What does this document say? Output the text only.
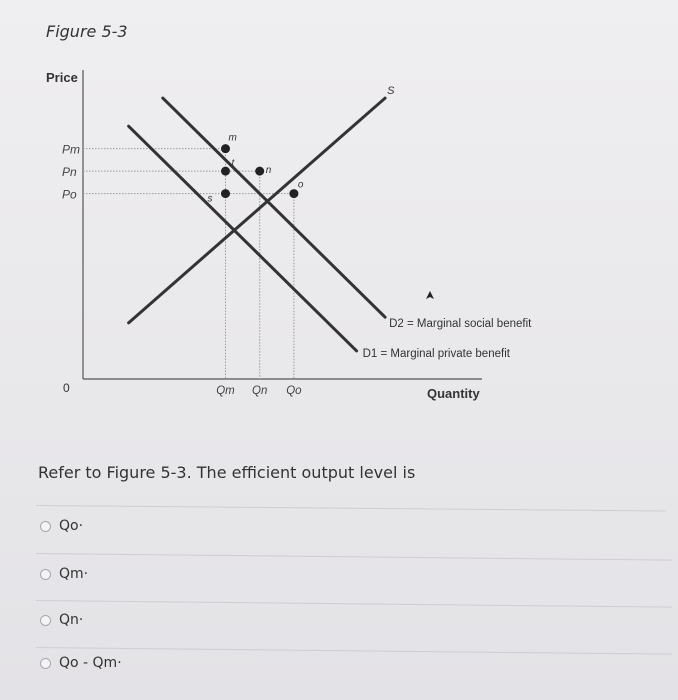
Figure 5-3
Price
Quantity
0
S
D2 = Marginal social benefit
D1 = Marginal private benefit
Pm
Pn
Po
Qm Qn Qo
m
t
n
o
s
Refer to Figure 5-3. The efficient output level is
Qo·
Qm·
Qn·
Qo - Qm·
